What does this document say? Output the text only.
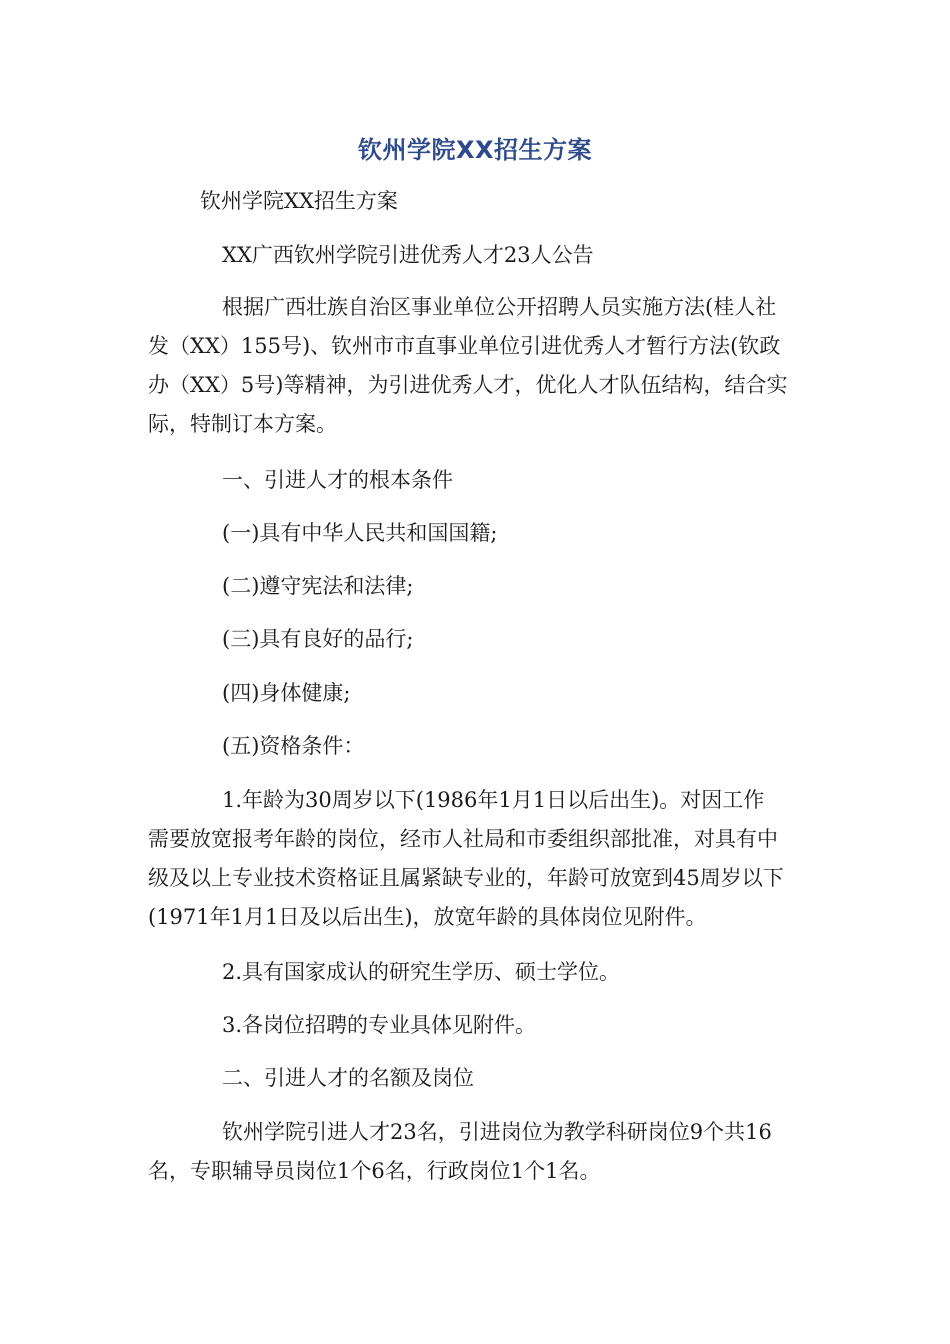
钦州学院XX招生方案

钦州学院XX招生方案

XX广西钦州学院引进优秀人才23人公告

根据广西壮族自治区事业单位公开招聘人员实施方法(桂人社
发（XX）155号)、钦州市市直事业单位引进优秀人才暂行方法(钦政
办（XX）5号)等精神，为引进优秀人才，优化人才队伍结构，结合实
际，特制订本方案。

一、引进人才的根本条件

(一)具有中华人民共和国国籍;

(二)遵守宪法和法律;

(三)具有良好的品行;

(四)身体健康;

(五)资格条件：

1.年龄为30周岁以下(1986年1月1日以后出生)。对因工作
需要放宽报考年龄的岗位，经市人社局和市委组织部批准，对具有中
级及以上专业技术资格证且属紧缺专业的，年龄可放宽到45周岁以下
(1971年1月1日及以后出生)，放宽年龄的具体岗位见附件。

2.具有国家成认的研究生学历、硕士学位。

3.各岗位招聘的专业具体见附件。

二、引进人才的名额及岗位

钦州学院引进人才23名，引进岗位为教学科研岗位9个共16
名，专职辅导员岗位1个6名，行政岗位1个1名。
